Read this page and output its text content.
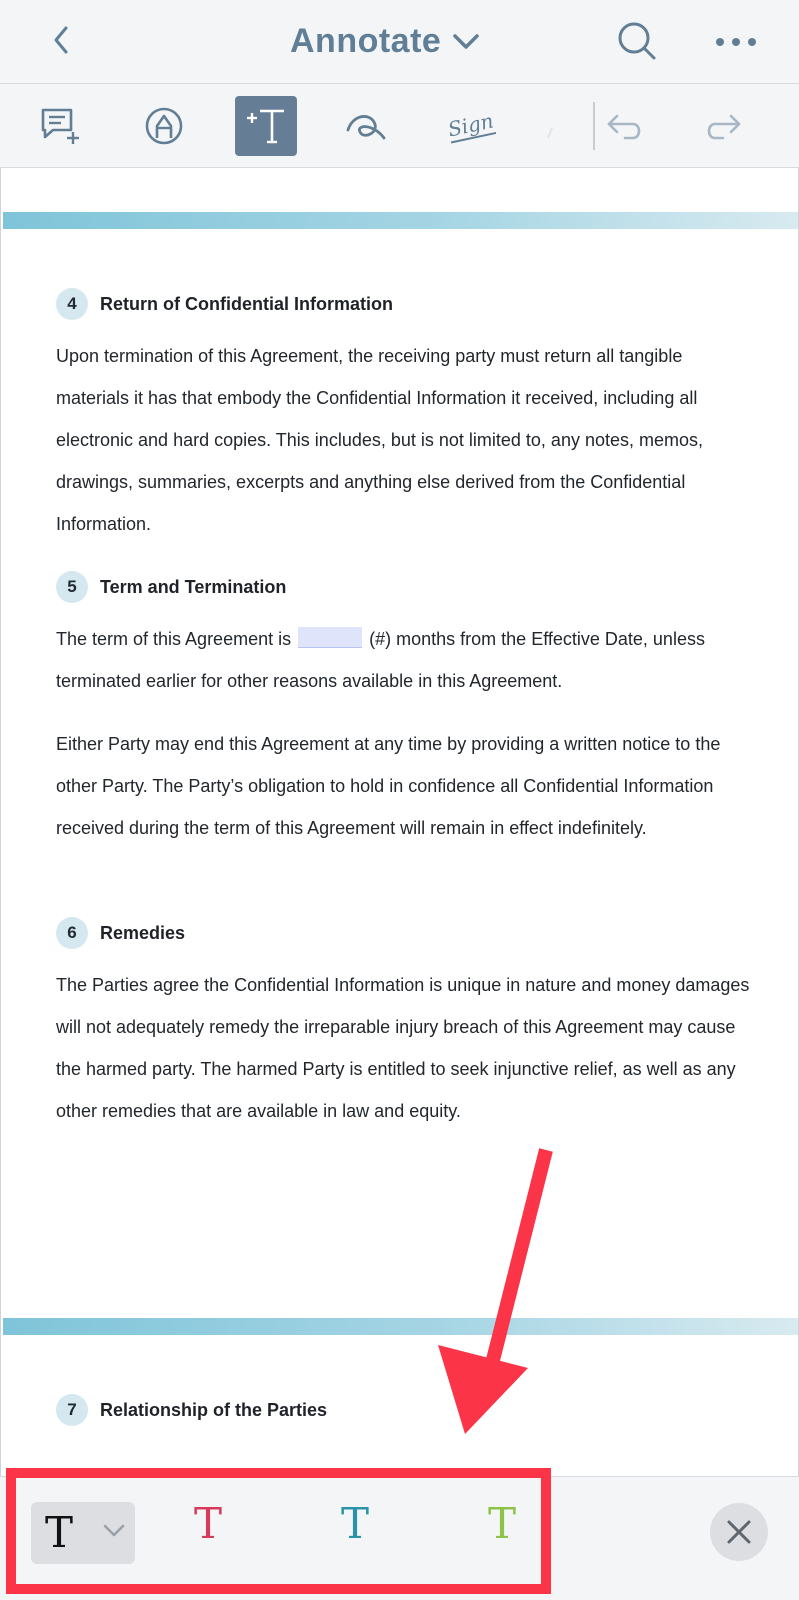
Annotate
Sign
4	Return of Confidential Information

Upon termination of this Agreement, the receiving party must return all tangible materials it has that embody the Confidential Information it received, including all electronic and hard copies. This includes, but is not limited to, any notes, memos, drawings, summaries, excerpts and anything else derived from the Confidential Information.

5	Term and Termination

The term of this Agreement is	(#) months from the Effective Date, unless terminated earlier for other reasons available in this Agreement.

Either Party may end this Agreement at any time by providing a written notice to the other Party. The Party’s obligation to hold in confidence all Confidential Information received during the term of this Agreement will remain in effect indefinitely.

6	Remedies

The Parties agree the Confidential Information is unique in nature and money damages will not adequately remedy the irreparable injury breach of this Agreement may cause the harmed party. The harmed Party is entitled to seek injunctive relief, as well as any other remedies that are available in law and equity.

7	Relationship of the Parties
T	T	T	T
